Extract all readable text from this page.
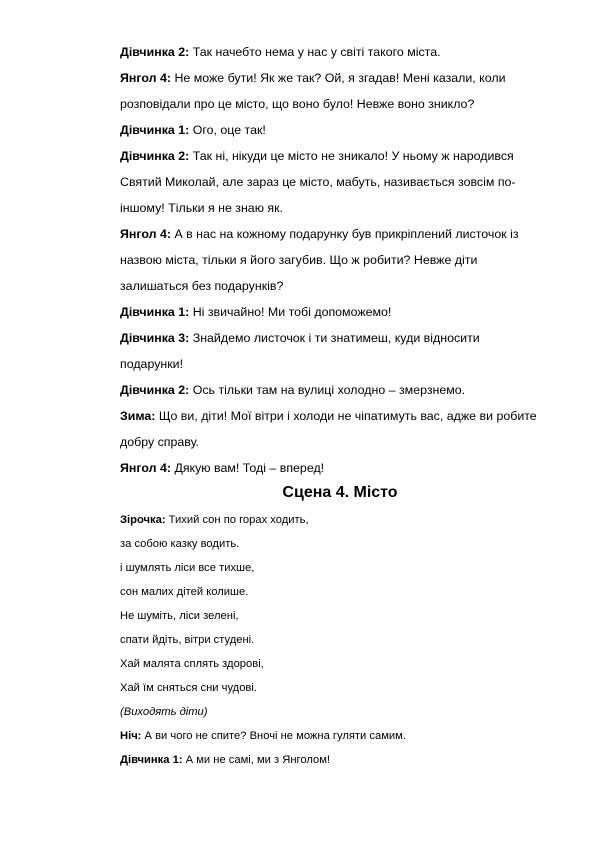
Дівчинка 2: Так начебто нема у нас у світі такого міста.

Янгол 4: Не може бути! Як же так? Ой, я згадав! Мені казали, коли

розповідали про це місто, що воно було! Невже воно зникло?

Дівчинка 1: Ого, оце так!

Дівчинка 2: Так ні, нікуди це місто не зникало! У ньому ж народився

Святий Миколай, але зараз це місто, мабуть, називається зовсім по-

іншому! Тільки я не знаю як.

Янгол 4: А в нас на кожному подарунку був прикріплений листочок із

назвою міста, тільки я його загубив. Що ж робити? Невже діти

залишаться без подарунків?

Дівчинка 1: Ні звичайно! Ми тобі допоможемо!

Дівчинка 3: Знайдемо листочок і ти знатимеш, куди відносити

подарунки!

Дівчинка 2: Ось тільки там на вулиці холодно – змерзнемо.

Зима: Що ви, діти! Мої вітри і холоди не чіпатимуть вас, адже ви робите

добру справу.

Янгол 4: Дякую вам! Тоді – вперед!

Сцена 4. Місто

Зірочка: Тихий сон по горах ходить,

за собою казку водить.

і шумлять ліси все тихше,

сон малих дітей колише.

Не шуміть, ліси зелені,

спати йдіть, вітри студені.

Хай малята сплять здорові,

Хай їм сняться сни чудові.

(Виходять діти)

Ніч: А ви чого не спите? Вночі не можна гуляти самим.

Дівчинка 1: А ми не самі, ми з Янголом!
